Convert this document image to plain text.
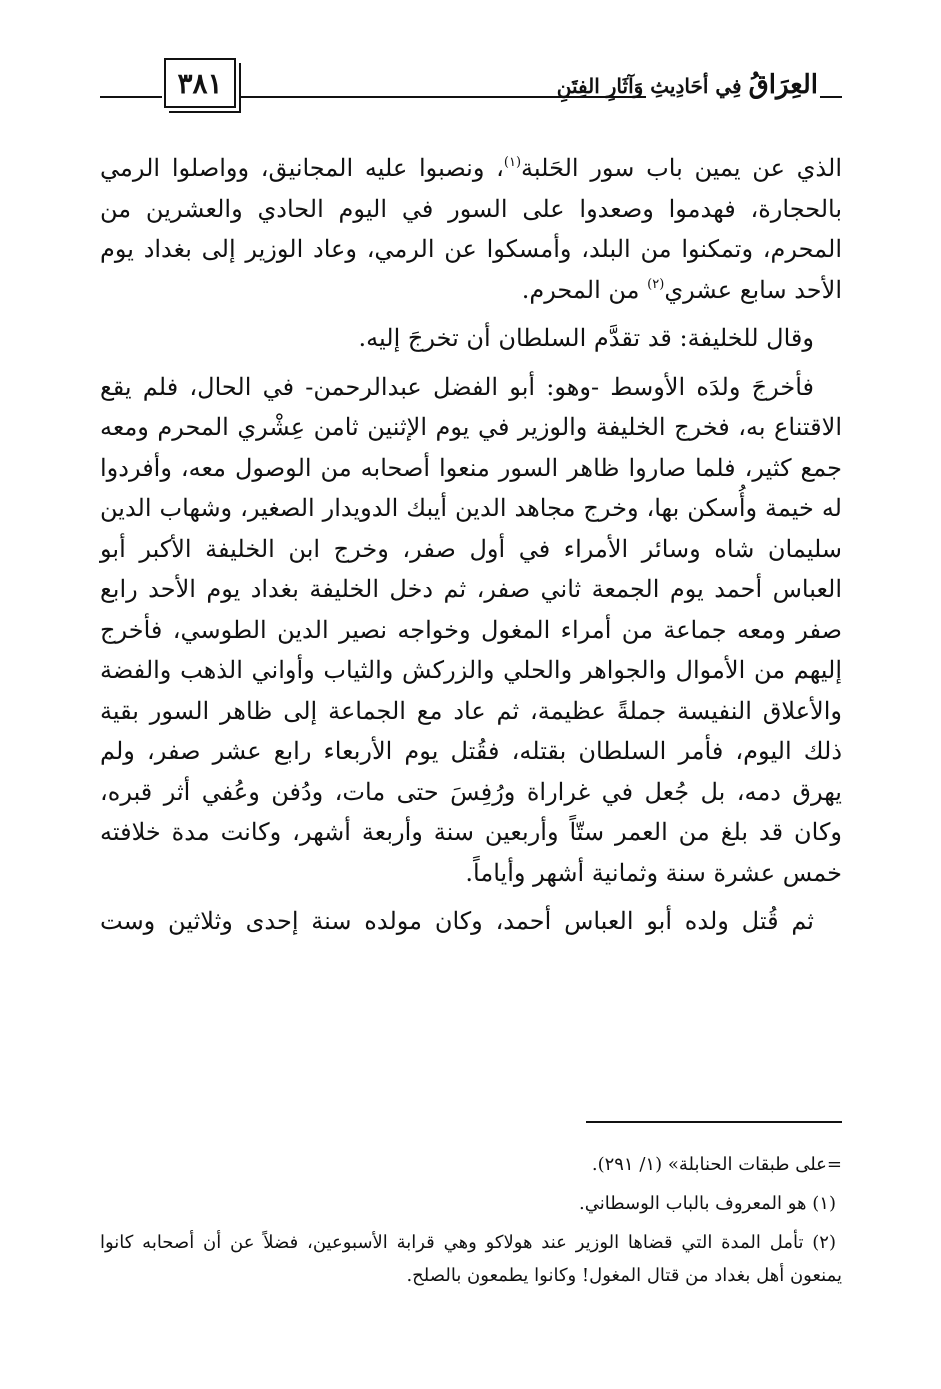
العِرَاقُ فِي أحَادِيثِ وَآثَارِ الفِتَنِ
٣٨١

الذي عن يمين باب سور الحَلبة$^{(١)}$، ونصبوا عليه المجانيق، وواصلوا الرمي بالحجارة، فهدموا وصعدوا على السور في اليوم الحادي والعشرين من المحرم، وتمكنوا من البلد، وأمسكوا عن الرمي، وعاد الوزير إلى بغداد يوم الأحد سابع عشري$^{(٢)}$ من المحرم.

وقال للخليفة: قد تقدَّم السلطان أن تخرجَ إليه.

فأخرجَ ولدَه الأوسط -وهو: أبو الفضل عبدالرحمن- في الحال، فلم يقع الاقتناع به، فخرج الخليفة والوزير في يوم الإثنين ثامن عِشْري المحرم ومعه جمع كثير، فلما صاروا ظاهر السور منعوا أصحابه من الوصول معه، وأفردوا له خيمة وأُسكن بها، وخرج مجاهد الدين أيبك الدويدار الصغير، وشهاب الدين سليمان شاه وسائر الأمراء في أول صفر، وخرج ابن الخليفة الأكبر أبو العباس أحمد يوم الجمعة ثاني صفر، ثم دخل الخليفة بغداد يوم الأحد رابع صفر ومعه جماعة من أمراء المغول وخواجه نصير الدين الطوسي، فأخرج إليهم من الأموال والجواهر والحلي والزركش والثياب وأواني الذهب والفضة والأعلاق النفيسة جملةً عظيمة، ثم عاد مع الجماعة إلى ظاهر السور بقية ذلك اليوم، فأمر السلطان بقتله، فقُتل يوم الأربعاء رابع عشر صفر، ولم يهرق دمه، بل جُعل في غراراة ورُفِسَ حتى مات، ودُفن وعُفي أثر قبره، وكان قد بلغ من العمر ستّاً وأربعين سنة وأربعة أشهر، وكانت مدة خلافته خمس عشرة سنة وثمانية أشهر وأياماً.

ثم قُتل ولده أبو العباس أحمد، وكان مولده سنة إحدى وثلاثين وست

=على طبقات الحنابلة» (١/ ٢٩١).

(١) هو المعروف بالباب الوسطاني.

(٢) تأمل المدة التي قضاها الوزير عند هولاكو وهي قرابة الأسبوعين، فضلاً عن أن أصحابه كانوا يمنعون أهل بغداد من قتال المغول! وكانوا يطمعون بالصلح.
